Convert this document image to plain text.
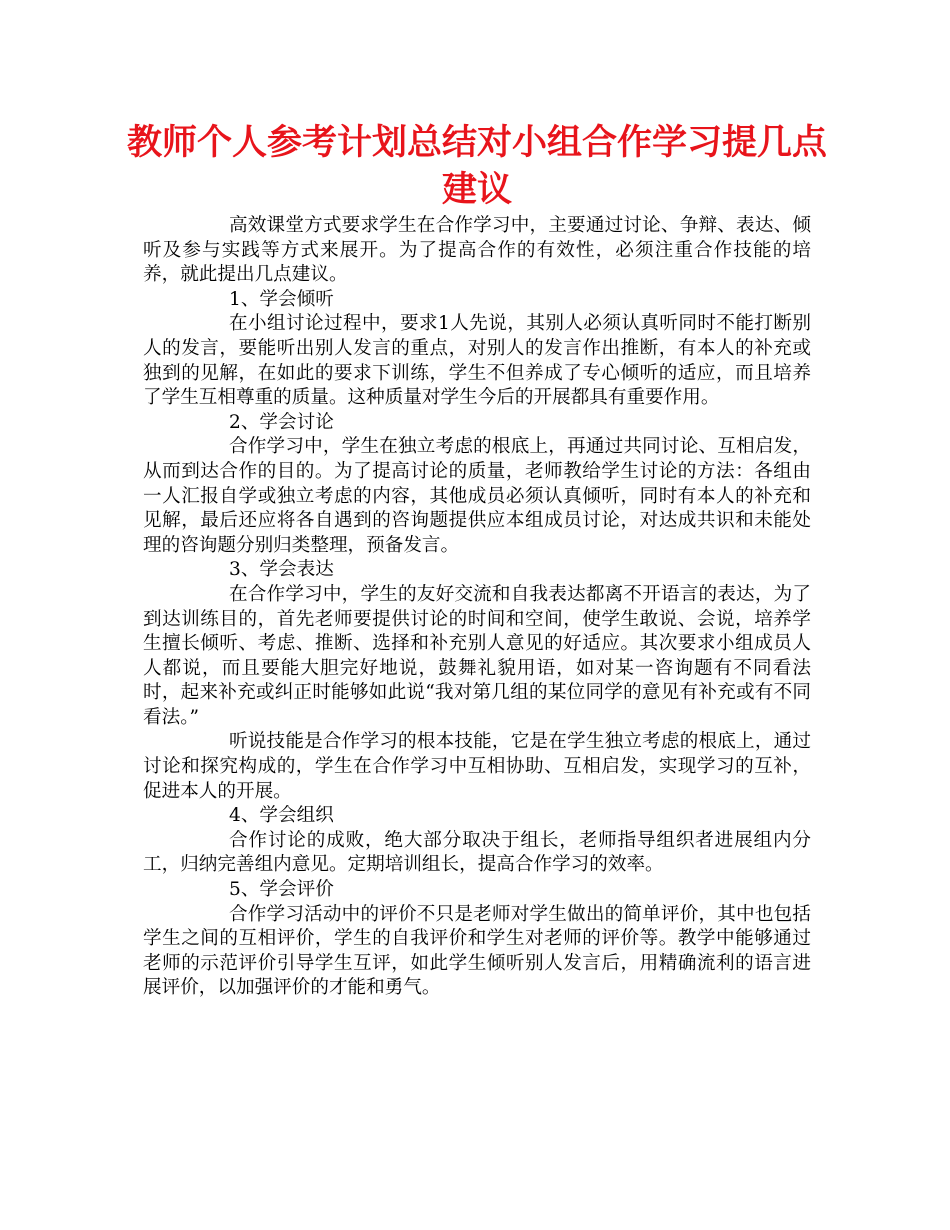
教师个人参考计划总结对小组合作学习提几点建议

高效课堂方式要求学生在合作学习中，主要通过讨论、争辩、表达、倾听及参与实践等方式来展开。为了提高合作的有效性，必须注重合作技能的培养，就此提出几点建议。

1、学会倾听

在小组讨论过程中，要求1人先说，其别人必须认真听同时不能打断别人的发言，要能听出别人发言的重点，对别人的发言作出推断，有本人的补充或独到的见解，在如此的要求下训练，学生不但养成了专心倾听的适应，而且培养了学生互相尊重的质量。这种质量对学生今后的开展都具有重要作用。

2、学会讨论

合作学习中，学生在独立考虑的根底上，再通过共同讨论、互相启发，从而到达合作的目的。为了提高讨论的质量，老师教给学生讨论的方法：各组由一人汇报自学或独立考虑的内容，其他成员必须认真倾听，同时有本人的补充和见解，最后还应将各自遇到的咨询题提供应本组成员讨论，对达成共识和未能处理的咨询题分别归类整理，预备发言。

3、学会表达

在合作学习中，学生的友好交流和自我表达都离不开语言的表达，为了到达训练目的，首先老师要提供讨论的时间和空间，使学生敢说、会说，培养学生擅长倾听、考虑、推断、选择和补充别人意见的好适应。其次要求小组成员人人都说，而且要能大胆完好地说，鼓舞礼貌用语，如对某一咨询题有不同看法时，起来补充或纠正时能够如此说“我对第几组的某位同学的意见有补充或有不同看法。”

听说技能是合作学习的根本技能，它是在学生独立考虑的根底上，通过讨论和探究构成的，学生在合作学习中互相协助、互相启发，实现学习的互补，促进本人的开展。

4、学会组织

合作讨论的成败，绝大部分取决于组长，老师指导组织者进展组内分工，归纳完善组内意见。定期培训组长，提高合作学习的效率。

5、学会评价

合作学习活动中的评价不只是老师对学生做出的简单评价，其中也包括学生之间的互相评价，学生的自我评价和学生对老师的评价等。教学中能够通过老师的示范评价引导学生互评，如此学生倾听别人发言后，用精确流利的语言进展评价，以加强评价的才能和勇气。
